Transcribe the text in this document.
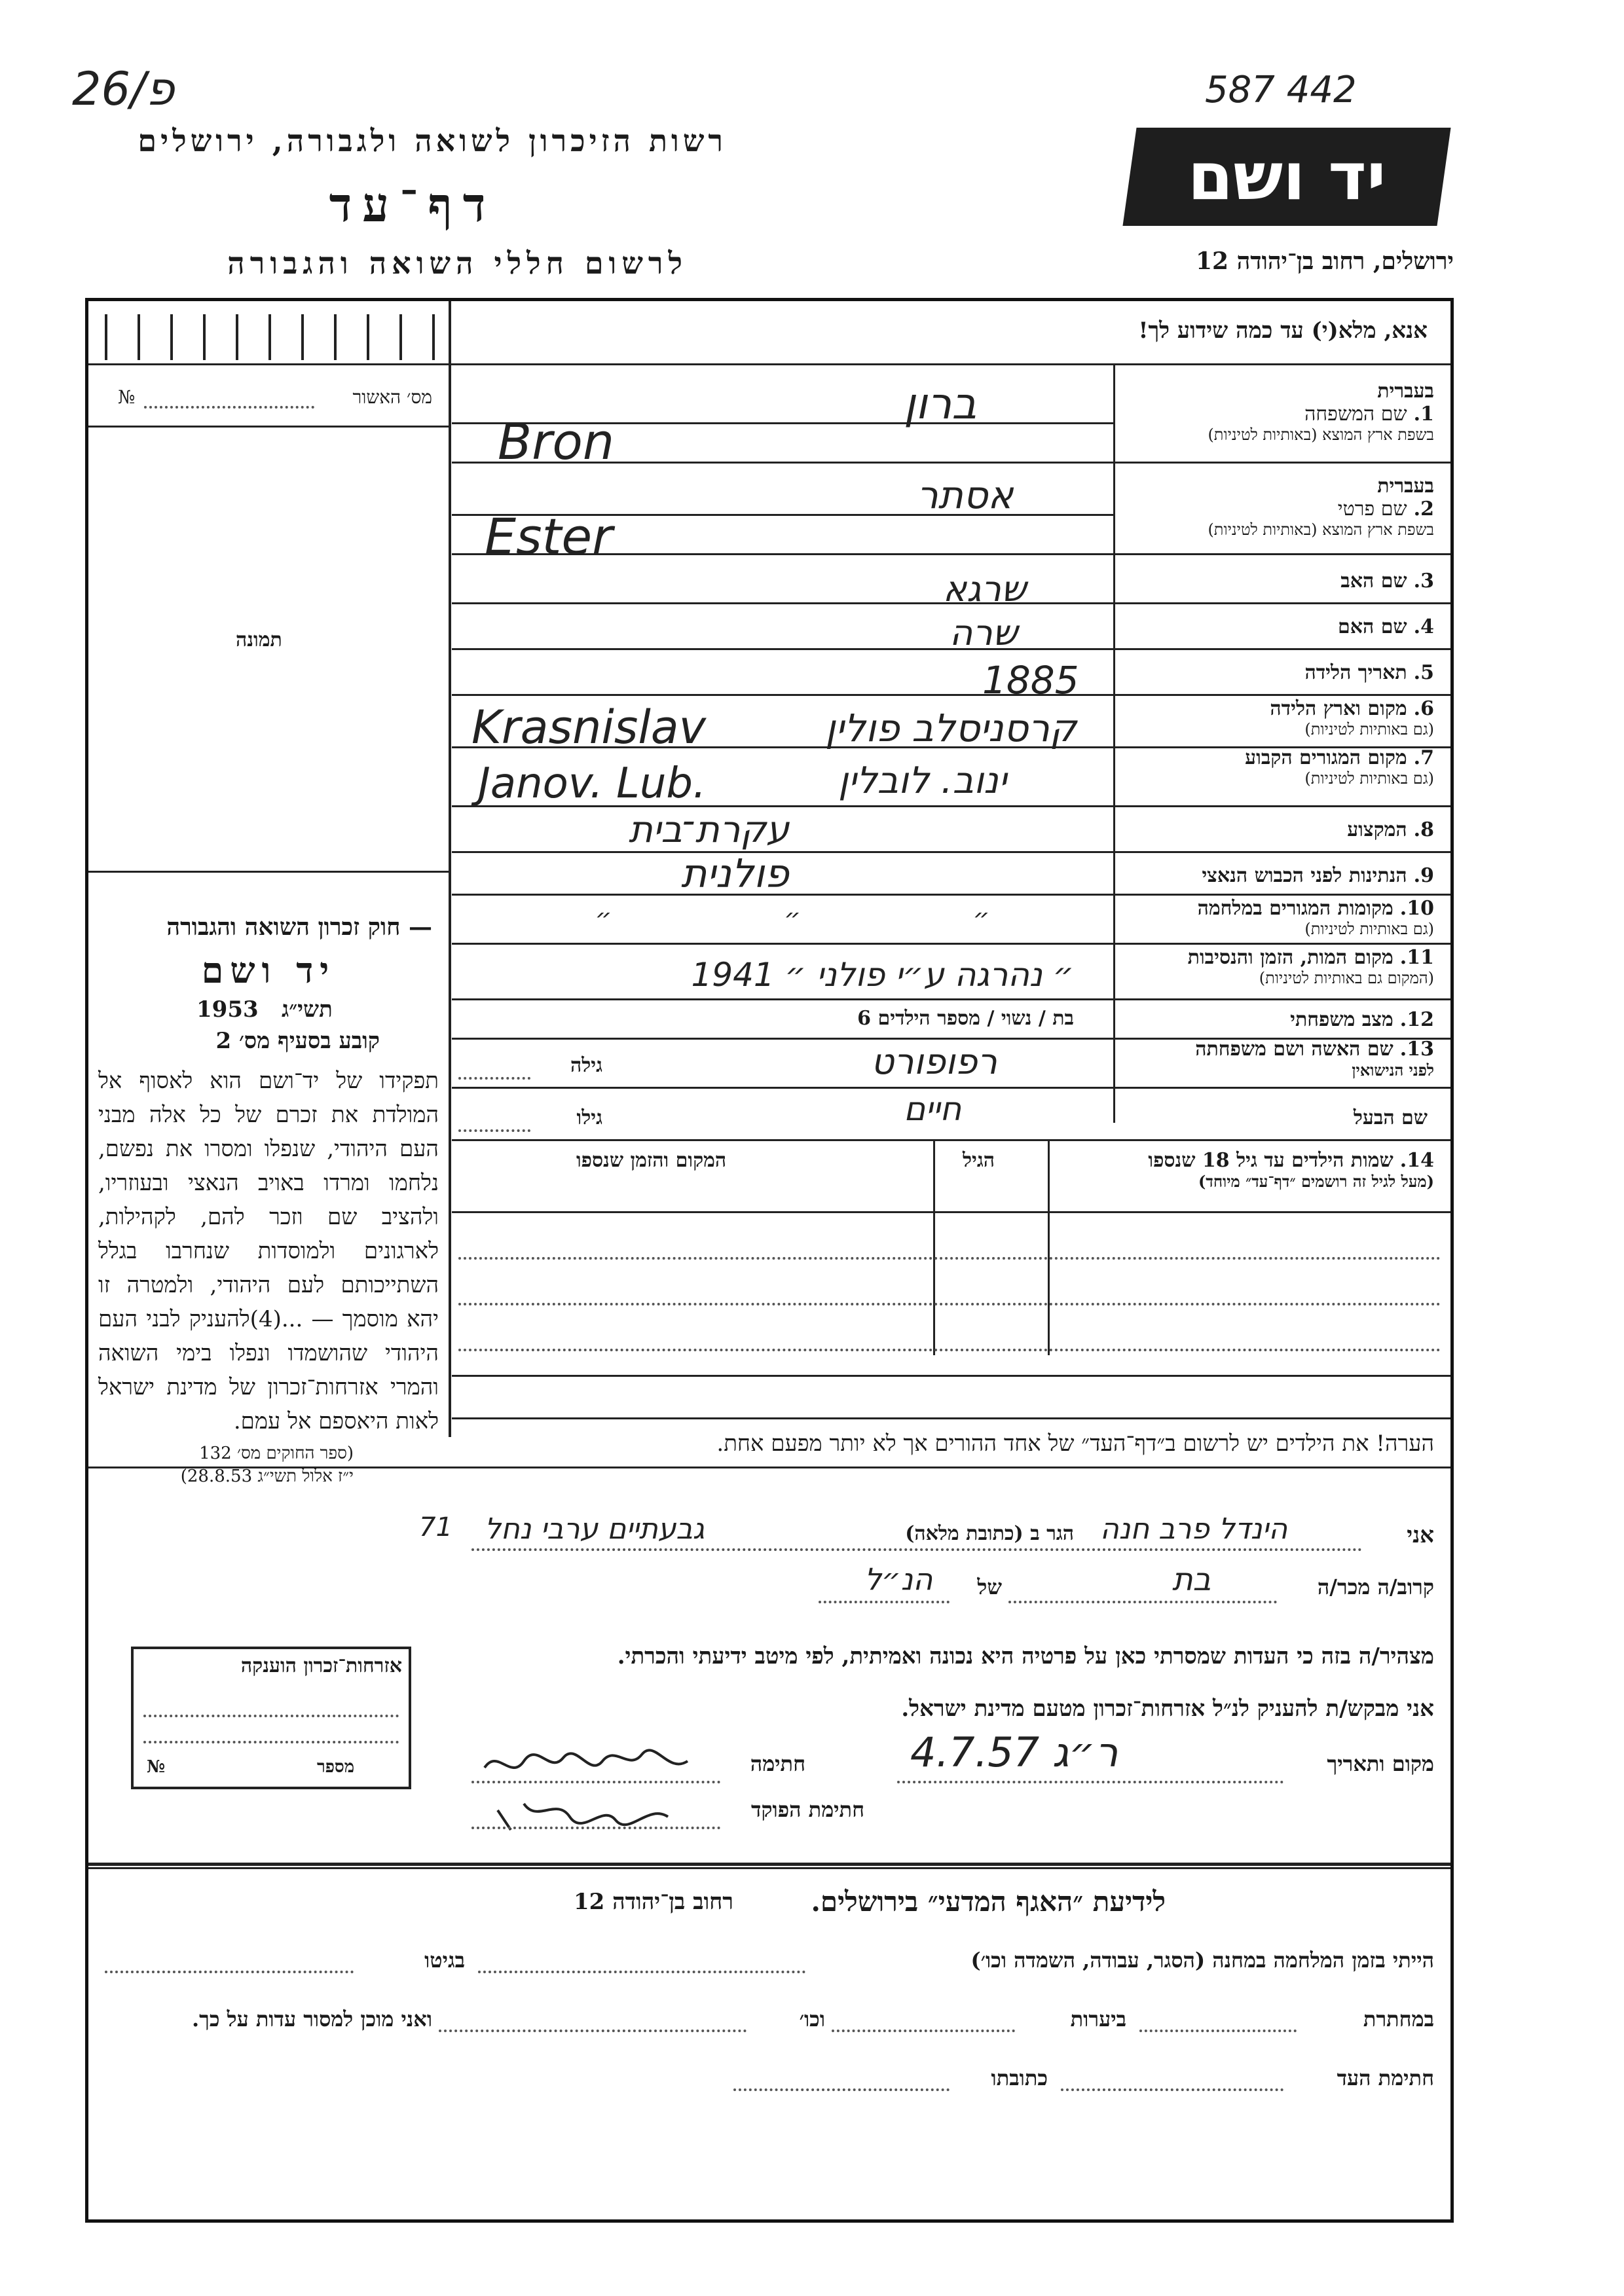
26/פ	587 442
רשות הזיכרון לשואה ולגבורה, ירושלים
דף־עד
לרשום חללי השואה והגבורה
יד ושם
ירושלים, רחוב בן־יהודה 12
אנא, מלא(י) עד כמה שידוע לך!
מס׳ האשור
№
תמונה
בעברית
1.שם המשפחה
בשפת ארץ המוצא (באותיות לטיניות)
ברון
Bron
בעברית
2.שם פרטי
בשפת ארץ המוצא (באותיות לטיניות)
אסתר
Ester
3.שם האב
שרגא
4.שם האם
שרה
5.תאריך הלידה
1885
6.מקום וארץ הלידה
(גם באותיות לטיניות)
קרסניסלב פולין
Krasnislav
7.מקום המגורים הקבוע
(גם באותיות לטיניות)
ינוב. לובלין
Janov. Lub.
8.המקצוע
עקרת־בית
9.הנתינות לפני הכבוש הנאצי
פולנית
10.מקומות המגורים במלחמה
(גם באותיות לטיניות)
״ ״ ״
11.מקום המות, הזמן והנסיבות
(המקום גם באותיות לטיניות)
״ נהרגה ע״י פולני ״ 1941
12.מצב משפחתי
בת / נשוי / מספר הילדים 6
13.שם האשה ושם משפחתה
לפני הנישואין
רפופורט
גילה
שם הבעל
חיים
גילו
14.שמות הילדים עד גיל 18 שנספו
(מעל לגיל זה רושמים ״דף־עד״ מיוחד)
הגיל
המקום והזמן שנספו
הערה! את הילדים יש לרשום ב״דף־העד״ של אחד ההורים אך לא יותר מפעם אחת.
— חוק זכרון השואה והגבורה
יד ושם
תשי״ג
1953
קובע בסעיף מס׳ 2
תפקידו של יד־ושם הוא לאסוף אל המולדת את זכרם של כל אלה מבני העם היהודי, שנפלו ומסרו את נפשם, נלחמו ומרדו באויב הנאצי ובעוזריו, ולהציב שם וזכר להם, לקהילות, לארגונים ולמוסדות שנחרבו בגלל השתייכותם לעם היהודי, ולמטרה זו יהא מוסמך — ...(4)להעניק לבני העם היהודי שהושמדו ונפלו בימי השואה והמרי אזרחות־זכרון של מדינת ישראל לאות היאספם אל עמם.
(ספר החוקים מס׳ 132
י״ז אלול תשי״ג 28.8.53)
אזרחות־זכרון הוענקה
מספר
№
אני
הינדל פרב חנה
הגר ב (כתובת מלאה)
גבעתיים ערבי נחל
71
קרוב/ה מכר/ה
בת
של
הנ״ל
מצהיר/ה בזה כי העדות שמסרתי כאן על פרטיה היא נכונה ואמיתית, לפי מיטב ידיעתי והכרתי.
אני מבקש/ת להעניק לנ״ל אזרחות־זכרון מטעם מדינת ישראל.
מקום ותאריך
ר״ג 4.7.57
חתימה
חתימת הפוקד
לידיעת ״האגף המדעי״ בירושלים.
רחוב בן־יהודה 12
הייתי בזמן המלחמה במחנה (הסגר, עבודה, השמדה וכו׳)
בגיטו
במחתרת
ביערות
וכו׳
ואני מוכן למסור עדות על כך.
חתימת העד
כתובתו
